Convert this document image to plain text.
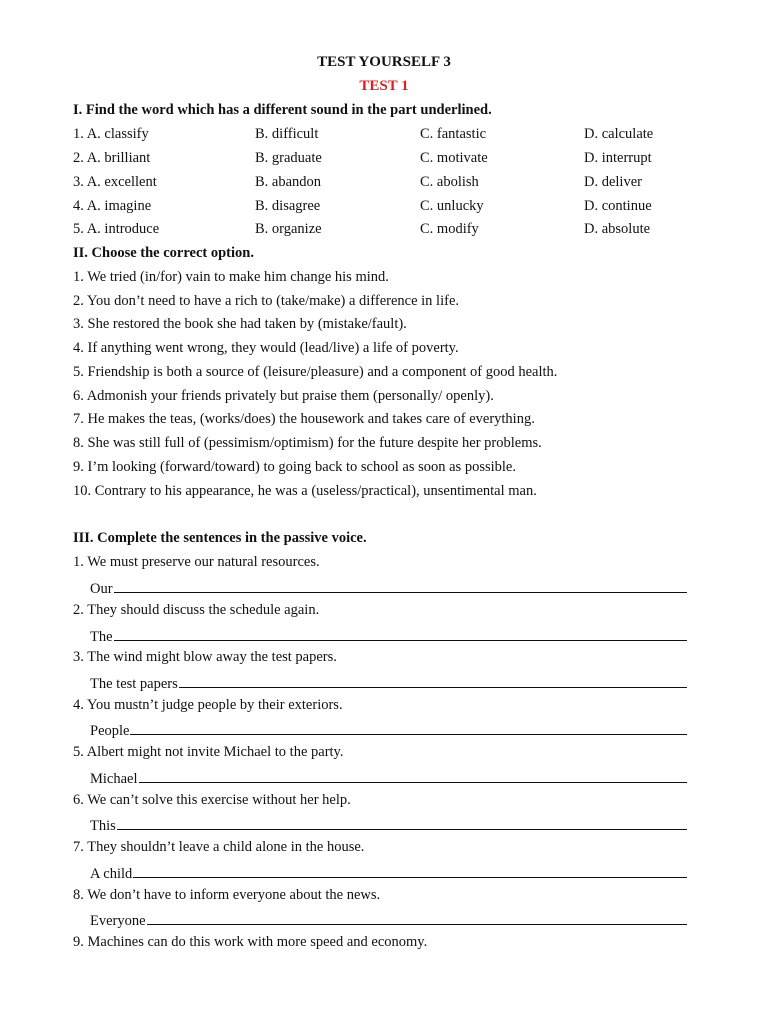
TEST YOURSELF 3
TEST 1
I. Find the word which has a different sound in the part underlined.
1. A. classify	B. difficult	C. fantastic	D. calculate
2. A. brilliant	B. graduate	C. motivate	D. interrupt
3. A. excellent	B. abandon	C. abolish	D. deliver
4. A. imagine	B. disagree	C. unlucky	D. continue
5. A. introduce	B. organize	C. modify	D. absolute
II. Choose the correct option.
1. We tried (in/for) vain to make him change his mind.
2. You don’t need to have a rich to (take/make) a difference in life.
3. She restored the book she had taken by (mistake/fault).
4. If anything went wrong, they would (lead/live) a life of poverty.
5. Friendship is both a source of (leisure/pleasure) and a component of good health.
6. Admonish your friends privately but praise them (personally/ openly).
7. He makes the teas, (works/does) the housework and takes care of everything.
8. She was still full of (pessimism/optimism) for the future despite her problems.
9. I’m looking (forward/toward) to going back to school as soon as possible.
10. Contrary to his appearance, he was a (useless/practical), unsentimental man.
III. Complete the sentences in the passive voice.
1. We must preserve our natural resources.
Our
2. They should discuss the schedule again.
The
3. The wind might blow away the test papers.
The test papers
4. You mustn’t judge people by their exteriors.
People
5. Albert might not invite Michael to the party.
Michael
6. We can’t solve this exercise without her help.
This
7. They shouldn’t leave a child alone in the house.
A child
8. We don’t have to inform everyone about the news.
Everyone
9. Machines can do this work with more speed and economy.
